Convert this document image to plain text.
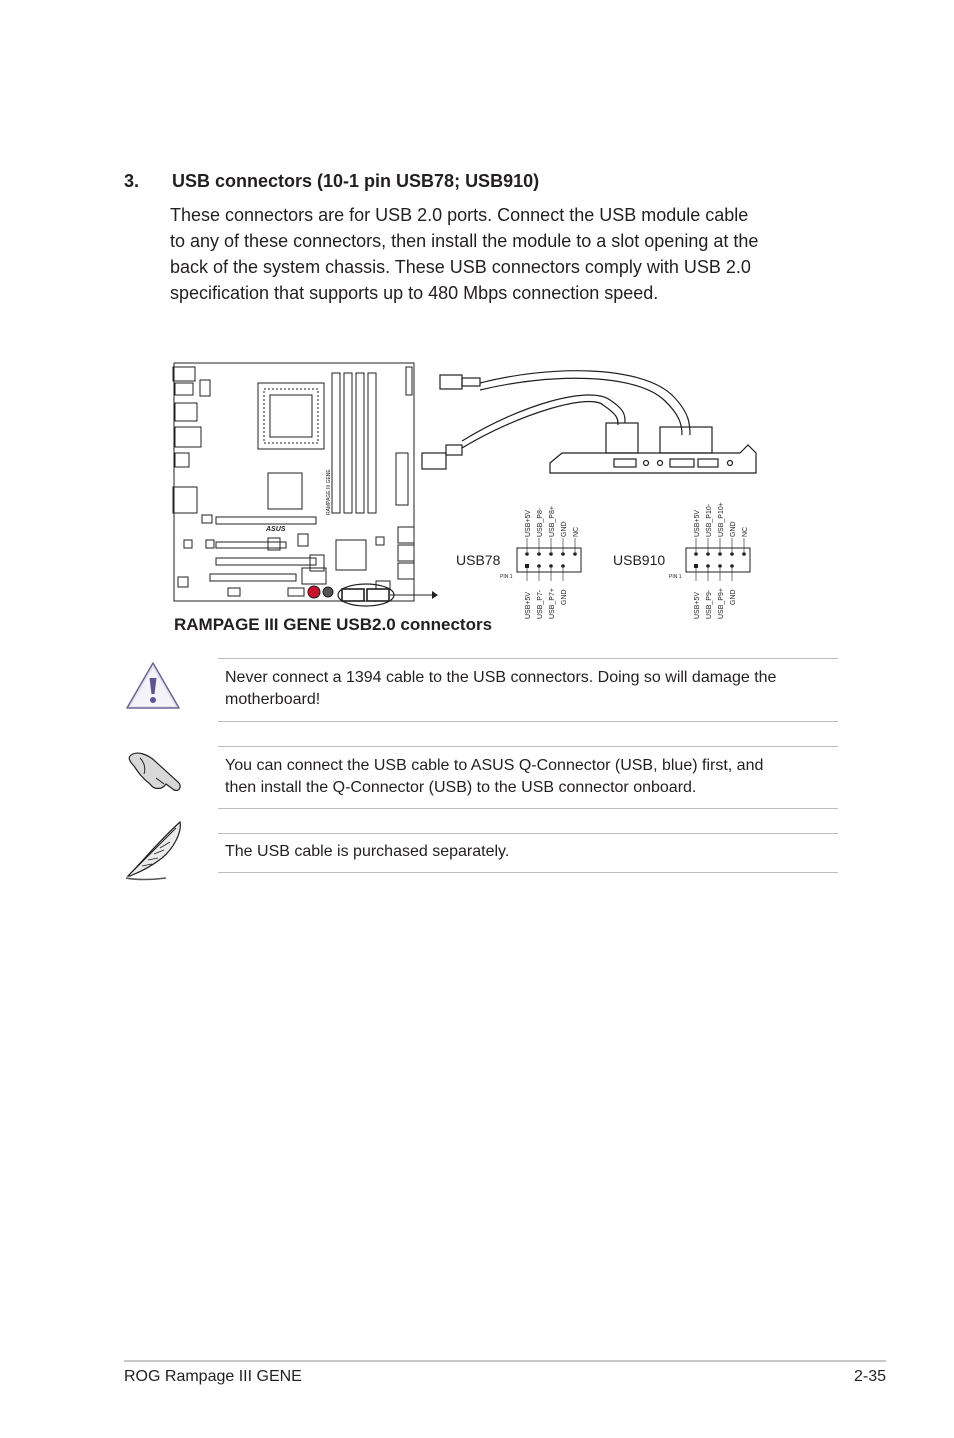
3. USB connectors (10-1 pin USB78; USB910)
These connectors are for USB 2.0 ports. Connect the USB module cable
to any of these connectors, then install the module to a slot opening at the
back of the system chassis. These USB connectors comply with USB 2.0
specification that supports up to 480 Mbps connection speed.
ASUS
RAMPAGE III GENE
USB78
PIN 1
USB+5V USB_P8- USB_P8+ GND NC
USB+5V USB_P7- USB_P7+ GND
USB910
PIN 1
USB+5V USB_P10- USB_P10+ GND NC
USB+5V USB_P9- USB_P9+ GND
RAMPAGE III GENE USB2.0 connectors
Never connect a 1394 cable to the USB connectors. Doing so will damage the
motherboard!
You can connect the USB cable to ASUS Q-Connector (USB, blue) first, and
then install the Q-Connector (USB) to the USB connector onboard.
The USB cable is purchased separately.
ROG Rampage III GENE	2-35
